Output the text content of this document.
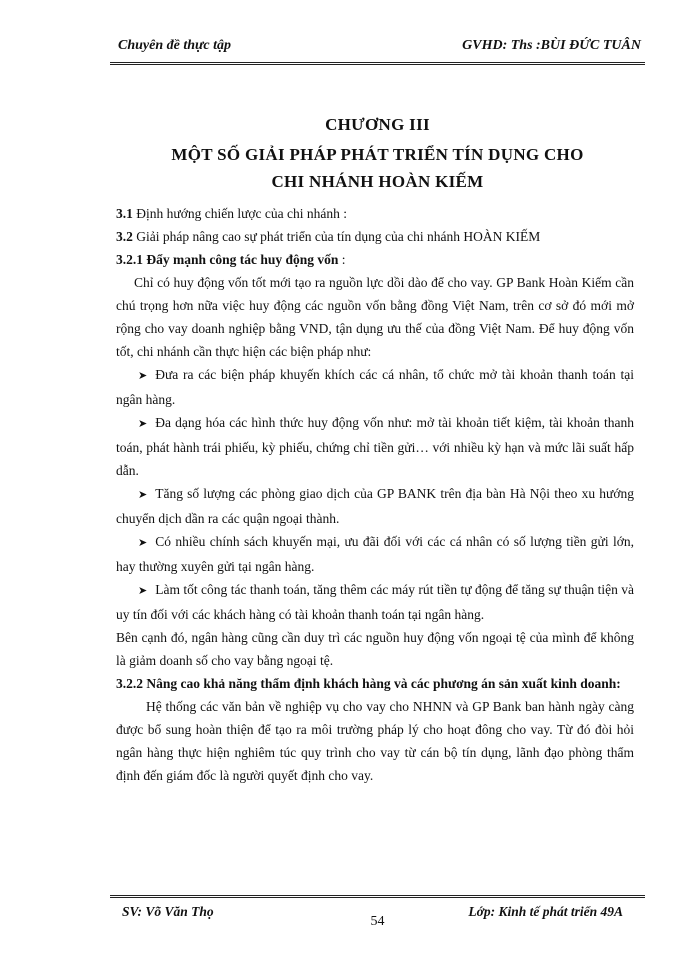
Chuyên đề thực tập	GVHD: Ths :BÙI ĐỨC TUÂN
CHƯƠNG III
MỘT SỐ GIẢI PHÁP PHÁT TRIỂN TÍN DỤNG CHO
CHI NHÁNH HOÀN KIẾM

3.1 Định hướng chiến lược của chi nhánh :

3.2 Giải pháp nâng cao sự phát triển của tín dụng của chi nhánh HOÀN KIẾM

3.2.1 Đẩy mạnh công tác huy động vốn :

Chỉ có huy động vốn tốt mới tạo ra nguồn lực dồi dào để cho vay. GP Bank Hoàn Kiếm cần chú trọng hơn nữa việc huy động các nguồn vốn bằng đồng Việt Nam, trên cơ sở đó mới mở rộng cho vay doanh nghiệp bằng VND, tận dụng ưu thế của đồng Việt Nam. Để huy động vốn tốt, chi nhánh cần thực hiện các biện pháp như:

➤ Đưa ra các biện pháp khuyến khích các cá nhân, tổ chức mở tài khoản thanh toán tại ngân hàng.

➤ Đa dạng hóa các hình thức huy động vốn như: mở tài khoản tiết kiệm, tài khoản thanh toán, phát hành trái phiếu, kỳ phiếu, chứng chỉ tiền gửi… với nhiều kỳ hạn và mức lãi suất hấp dẫn.

➤ Tăng số lượng các phòng giao dịch của GP BANK trên địa bàn Hà Nội theo xu hướng chuyển dịch dần ra các quận ngoại thành.

➤ Có nhiều chính sách khuyến mại, ưu đãi đối với các cá nhân có số lượng tiền gửi lớn, hay thường xuyên gửi tại ngân hàng.

➤ Làm tốt công tác thanh toán, tăng thêm các máy rút tiền tự động để tăng sự thuận tiện và uy tín đối với các khách hàng có tài khoản thanh toán tại ngân hàng.

Bên cạnh đó, ngân hàng cũng cần duy trì các nguồn huy động vốn ngoại tệ của mình để không là giảm doanh số cho vay bằng ngoại tệ.

3.2.2 Nâng cao khả năng thẩm định khách hàng và các phương án sản xuất kinh doanh:

Hệ thống các văn bản về nghiệp vụ cho vay cho NHNN và GP Bank ban hành ngày càng được bổ sung hoàn thiện để tạo ra môi trường pháp lý cho hoạt đông cho vay. Từ đó đòi hỏi ngân hàng thực hiện nghiêm túc quy trình cho vay từ cán bộ tín dụng, lãnh đạo phòng thẩm định đến giám đốc là người quyết định cho vay.

SV: Võ Văn Thọ
54
Lớp: Kinh tế phát triển 49A
